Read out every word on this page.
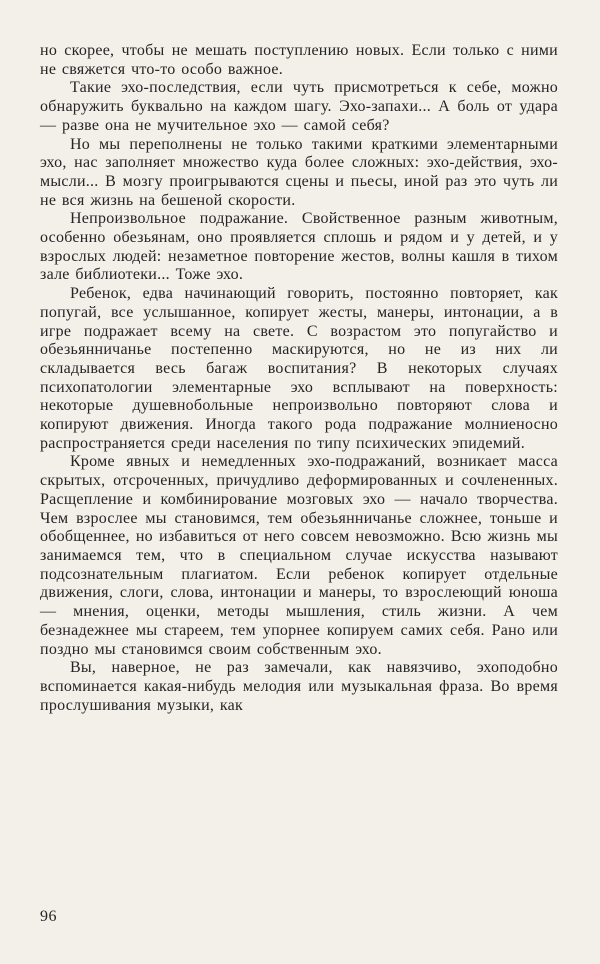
но скорее, чтобы не мешать поступлению новых. Если только с ними не свяжется что-то особо важное.

Такие эхо-последствия, если чуть присмотреться к себе, можно обнаружить буквально на каждом шагу. Эхо-запахи... А боль от удара — разве она не мучительное эхо — самой себя?

Но мы переполнены не только такими краткими элементарными эхо, нас заполняет множество куда более сложных: эхо-действия, эхо-мысли... В мозгу проигрываются сцены и пьесы, иной раз это чуть ли не вся жизнь на бешеной скорости.

Непроизвольное подражание. Свойственное разным животным, особенно обезьянам, оно проявляется сплошь и рядом и у детей, и у взрослых людей: незаметное повторение жестов, волны кашля в тихом зале библиотеки... Тоже эхо.

Ребенок, едва начинающий говорить, постоянно повторяет, как попугай, все услышанное, копирует жесты, манеры, интонации, а в игре подражает всему на свете. С возрастом это попугайство и обезьянничанье постепенно маскируются, но не из них ли складывается весь багаж воспитания? В некоторых случаях психопатологии элементарные эхо всплывают на поверхность: некоторые душевнобольные непроизвольно повторяют слова и копируют движения. Иногда такого рода подражание молниеносно распространяется среди населения по типу психических эпидемий.

Кроме явных и немедленных эхо-подражаний, возникает масса скрытых, отсроченных, причудливо деформированных и сочлененных. Расщепление и комбинирование мозговых эхо — начало творчества. Чем взрослее мы становимся, тем обезьянничанье сложнее, тоньше и обобщеннее, но избавиться от него совсем невозможно. Всю жизнь мы занимаемся тем, что в специальном случае искусства называют подсознательным плагиатом. Если ребенок копирует отдельные движения, слоги, слова, интонации и манеры, то взрослеющий юноша — мнения, оценки, методы мышления, стиль жизни. А чем безнадежнее мы стареем, тем упорнее копируем самих себя. Рано или поздно мы становимся своим собственным эхо.

Вы, наверное, не раз замечали, как навязчиво, эхоподобно вспоминается какая-нибудь мелодия или музыкальная фраза. Во время прослушивания музыки, как

96
